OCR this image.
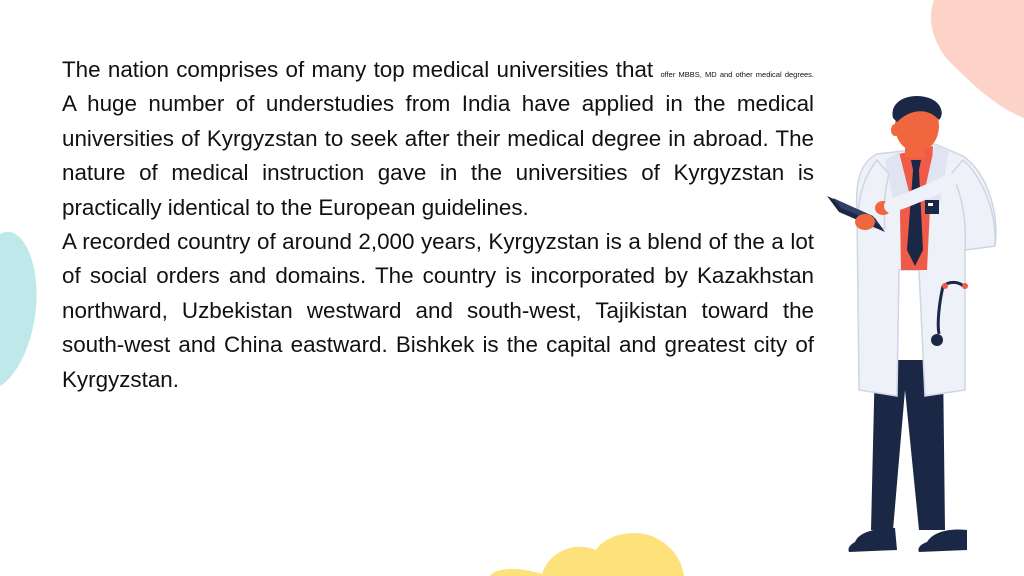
The nation comprises of many top medical universities that offer MBBS, MD and other medical degrees. A huge number of understudies from India have applied in the medical universities of Kyrgyzstan to seek after their medical degree in abroad. The nature of medical instruction gave in the universities of Kyrgyzstan is practically identical to the European guidelines.

A recorded country of around 2,000 years, Kyrgyzstan is a blend of the a lot of social orders and domains. The country is incorporated by Kazakhstan northward, Uzbekistan westward and south-west, Tajikistan toward the south-west and China eastward. Bishkek is the capital and greatest city of Kyrgyzstan.
